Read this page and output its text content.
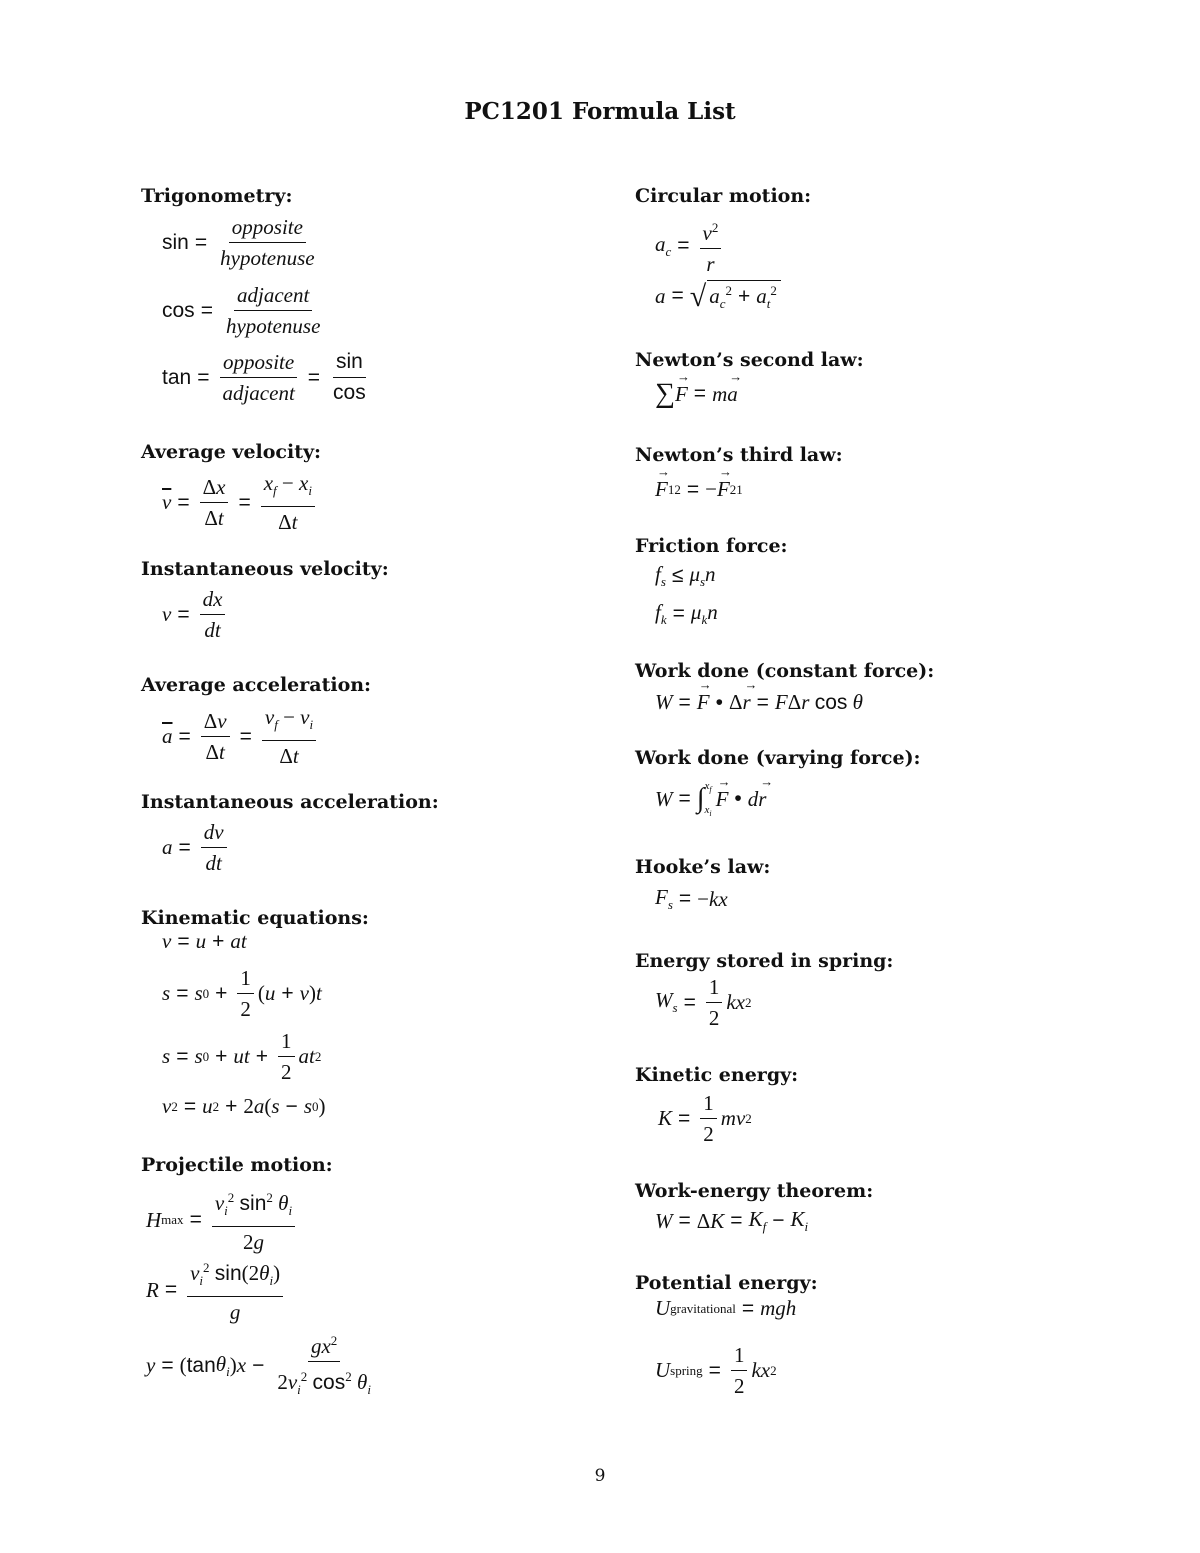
PC1201 Formula List
Trigonometry:
$\sin = \frac{\text{opposite}}{\text{hypotenuse}}$
$\cos = \frac{\text{adjacent}}{\text{hypotenuse}}$
$\tan = \frac{\text{opposite}}{\text{adjacent}} = \frac{\sin}{\cos}$
Average velocity:
$\overline{v} = \frac{\Delta x}{\Delta t} = \frac{x_f - x_i}{\Delta t}$
Instantaneous velocity:
$v = \frac{dx}{dt}$
Average acceleration:
$\overline{a} = \frac{\Delta v}{\Delta t} = \frac{v_f - v_i}{\Delta t}$
Instantaneous acceleration:
$a = \frac{dv}{dt}$
Kinematic equations:
v = u + at
s = s $0 + \frac{1}{2}$ ( u + v ) t
s = s 0 + ut + $\frac{1}{2}$ at 2
v 2 = u 2 + 2 a ( s − s 0 )
Projectile motion:
H $\max = \frac{v_i^2 \sin^2 \theta_i}{2g}$
$R = \frac{v_i^2 \sin(2\theta_i)}{g}$
y = ( $\tan \theta_i$ ) $x - \frac{gx^2}{2v_i^2 \cos^2 \theta_i}$
Circular motion:
$a_c = \frac{v^2}{r}$
a = √ $a_c^2 + a_t^2$
Newton’s second law:
∑ → F = m → a
Newton’s third law:
→ F 12 = − → F 21
Friction force:
$f_s \le \mu_sn$
$f_k = \mu_kn$
Work done (constant force):
W = → F • Δ → r = F Δ r
cos
θ
Work done (varying force):
W = ∫ $x_f$
$x_i$
→ F • d → r
Hooke’s law:
$F_s$ = − kx
Energy stored in spring:
$W_s = \frac{1}{2}$ kx 2
Kinetic energy:
$K = \frac{1}{2}$ mv 2
Work-energy theorem:
W = Δ $K = K_f - K_i$
Potential energy:
U gravitational = mgh
U spring = $\frac{1}{2}$ kx 2
9
